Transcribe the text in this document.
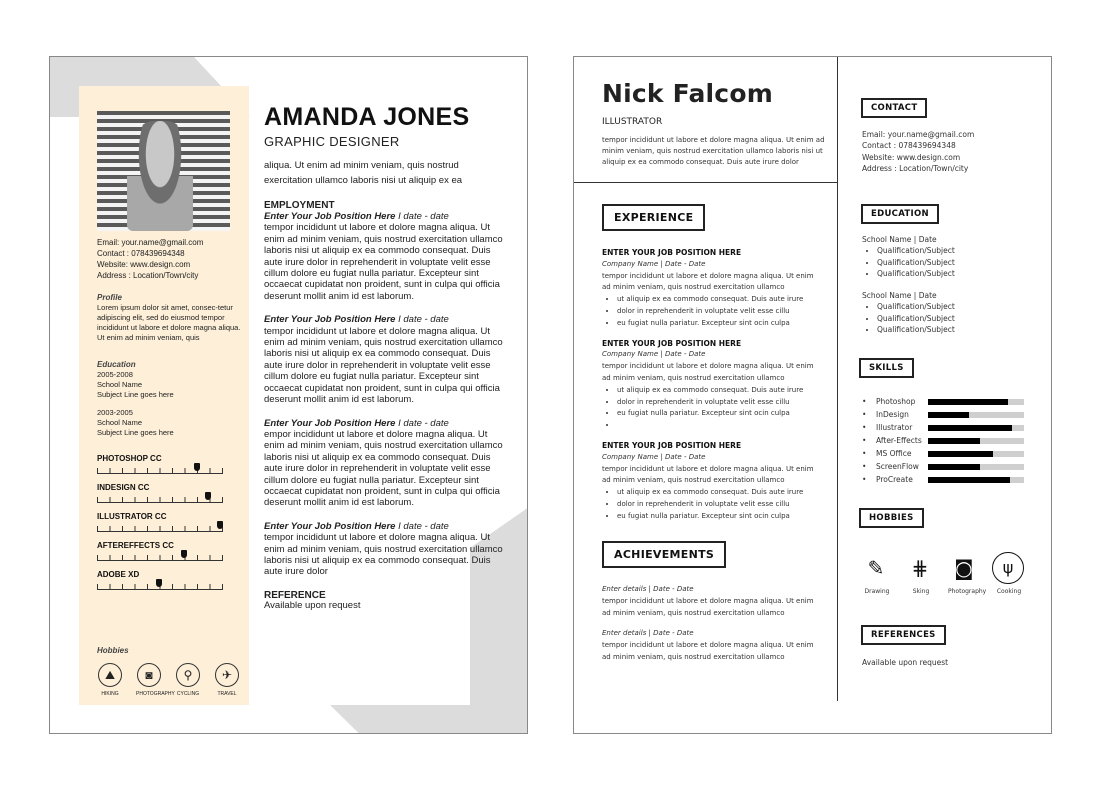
Email: your.name@gmail.com
Contact : 078439694348
Website: www.design.com
Address : Location/Town/city
Profile
Lorem ipsum dolor sit amet, consec-tetur adipiscing elit, sed do eiusmod tempor incididunt ut labore et dolore magna aliqua. Ut enim ad minim veniam, quis
Education
2005-2008
School Name
Subject Line goes here
2003-2005
School Name
Subject Line goes here
PHOTOSHOP CC
INDESIGN CC
ILLUSTRATOR CC
AFTEREFFECTS CC
ADOBE XD
Hobbies
⛰
HIKING
◙
PHOTOGRAPHY
⚲
CYCLING
✈
TRAVEL
AMANDA JONES
GRAPHIC DESIGNER
aliqua. Ut enim ad minim veniam, quis nostrud exercitation ullamco laboris nisi ut aliquip ex ea
EMPLOYMENT
Enter Your Job Position Here I date - date
tempor incididunt ut labore et dolore magna aliqua. Ut enim ad minim veniam, quis nostrud exercitation ullamco laboris nisi ut aliquip ex ea commodo consequat. Duis aute irure dolor in reprehenderit in voluptate velit esse cillum dolore eu fugiat nulla pariatur. Excepteur sint occaecat cupidatat non proident, sunt in culpa qui officia deserunt mollit anim id est laborum.
Enter Your Job Position Here I date - date
tempor incididunt ut labore et dolore magna aliqua. Ut enim ad minim veniam, quis nostrud exercitation ullamco laboris nisi ut aliquip ex ea commodo consequat. Duis aute irure dolor in reprehenderit in voluptate velit esse cillum dolore eu fugiat nulla pariatur. Excepteur sint occaecat cupidatat non proident, sunt in culpa qui officia deserunt mollit anim id est laborum.
Enter Your Job Position Here I date - date
empor incididunt ut labore et dolore magna aliqua. Ut enim ad minim veniam, quis nostrud exercitation ullamco laboris nisi ut aliquip ex ea commodo consequat. Duis aute irure dolor in reprehenderit in voluptate velit esse cillum dolore eu fugiat nulla pariatur. Excepteur sint occaecat cupidatat non proident, sunt in culpa qui officia deserunt mollit anim id est laborum.
Enter Your Job Position Here I date - date
tempor incididunt ut labore et dolore magna aliqua. Ut enim ad minim veniam, quis nostrud exercitation ullamco laboris nisi ut aliquip ex ea commodo consequat. Duis aute irure dolor
REFERENCE
Available upon request
Nick Falcom
ILLUSTRATOR
tempor incididunt ut labore et dolore magna aliqua. Ut enim ad minim veniam, quis nostrud exercitation ullamco laboris nisi ut aliquip ex ea commodo consequat. Duis aute irure dolor
EXPERIENCE
ENTER YOUR JOB POSITION HERE
Company Name | Date - Date
tempor incididunt ut labore et dolore magna aliqua. Ut enim ad minim veniam, quis nostrud exercitation ullamco
• ut aliquip ex ea commodo consequat. Duis aute irure
• dolor in reprehenderit in voluptate velit esse cillu
• eu fugiat nulla pariatur. Excepteur sint ocin culpa
ENTER YOUR JOB POSITION HERE
Company Name | Date - Date
tempor incididunt ut labore et dolore magna aliqua. Ut enim ad minim veniam, quis nostrud exercitation ullamco
• ut aliquip ex ea commodo consequat. Duis aute irure
• dolor in reprehenderit in voluptate velit esse cillu
• eu fugiat nulla pariatur. Excepteur sint ocin culpa
•
ENTER YOUR JOB POSITION HERE
Company Name | Date - Date
tempor incididunt ut labore et dolore magna aliqua. Ut enim ad minim veniam, quis nostrud exercitation ullamco
• ut aliquip ex ea commodo consequat. Duis aute irure
• dolor in reprehenderit in voluptate velit esse cillu
• eu fugiat nulla pariatur. Excepteur sint ocin culpa
ACHIEVEMENTS
Enter details | Date - Date
tempor incididunt ut labore et dolore magna aliqua. Ut enim ad minim veniam, quis nostrud exercitation ullamco
Enter details | Date - Date
tempor incididunt ut labore et dolore magna aliqua. Ut enim ad minim veniam, quis nostrud exercitation ullamco
CONTACT
Email: your.name@gmail.com
Contact : 078439694348
Website: www.design.com
Address : Location/Town/city
EDUCATION
School Name | Date
• Qualification/Subject
• Qualification/Subject
• Qualification/Subject
School Name | Date
• Qualification/Subject
• Qualification/Subject
• Qualification/Subject
SKILLS
•	Photoshop
•	InDesign
•	Illustrator
•	After-Effects
•	MS Office
•	ScreenFlow
•	ProCreate
HOBBIES
✎
Drawing
⋕
Sking
◙
Photography
ψ
Cooking
REFERENCES
Available upon request
